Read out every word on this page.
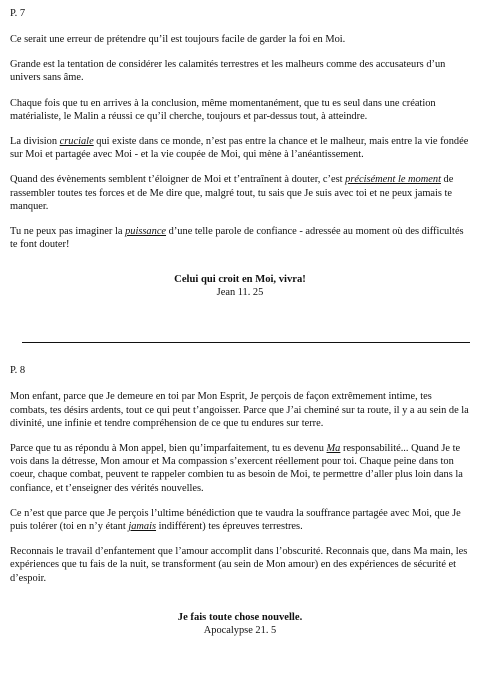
P. 7

Ce serait une erreur de prétendre qu’il est toujours facile de garder la foi en Moi.

Grande est la tentation de considérer les calamités terrestres et les malheurs comme des accusateurs d’un univers sans âme.

Chaque fois que tu en arrives à la conclusion, même momentanément, que tu es seul dans une création matérialiste, le Malin a réussi ce qu’il cherche, toujours et par-dessus tout, à atteindre.

La division cruciale qui existe dans ce monde, n’est pas entre la chance et le malheur, mais entre la vie fondée sur Moi et partagée avec Moi - et la vie coupée de Moi, qui mène à l’anéantissement.

Quand des évènements semblent t’éloigner de Moi et t’entraînent à douter, c’est précisément le moment de rassembler toutes tes forces et de Me dire que, malgré tout, tu sais que Je suis avec toi et ne peux jamais te manquer.

Tu ne peux pas imaginer la puissance d’une telle parole de confiance - adressée au moment où des difficultés te font douter!

Celui qui croit en Moi, vivra!
Jean 11. 25
P. 8

Mon enfant, parce que Je demeure en toi par Mon Esprit, Je perçois de façon extrêmement intime, tes combats, tes désirs ardents, tout ce qui peut t’angoisser. Parce que J’ai cheminé sur ta route, il y a au sein de la divinité, une infinie et tendre compréhension de ce que tu endures sur terre.

Parce que tu as répondu à Mon appel, bien qu’imparfaitement, tu es devenu Ma responsabilité... Quand Je te vois dans la détresse, Mon amour et Ma compassion s’exercent réellement pour toi. Chaque peine dans ton coeur, chaque combat, peuvent te rappeler combien tu as besoin de Moi, te permettre d’aller plus loin dans la confiance, et t’enseigner des vérités nouvelles.

Ce n’est que parce que Je perçois l’ultime bénédiction que te vaudra la souffrance partagée avec Moi, que Je puis tolérer (toi en n’y étant jamais indifférent) tes épreuves terrestres.

Reconnais le travail d’enfantement que l’amour accomplit dans l’obscurité. Reconnais que, dans Ma main, les expériences que tu fais de la nuit, se transforment (au sein de Mon amour) en des expériences de sécurité et d’espoir.

Je fais toute chose nouvelle.
Apocalypse 21. 5
